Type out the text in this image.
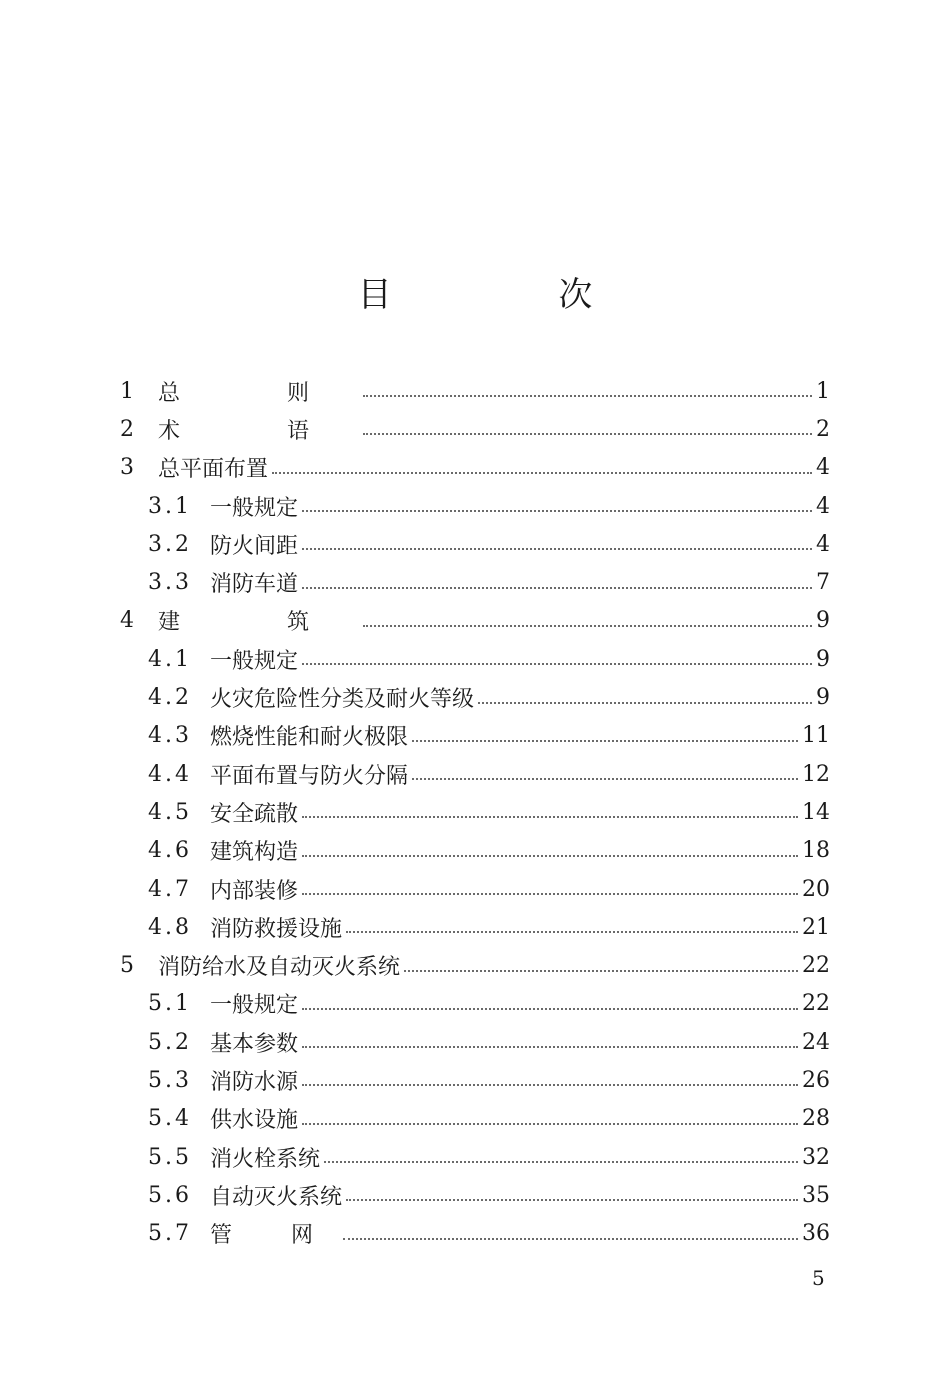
目 次
1	总 则	1
2	术 语	2
3	总平面布置	4
3.1 一般规定	4
3.2 防火间距	4
3.3 消防车道	7
4	建 筑	9
4.1 一般规定	9
4.2 火灾危险性分类及耐火等级	9
4.3 燃烧性能和耐火极限	11
4.4 平面布置与防火分隔	12
4.5 安全疏散	14
4.6 建筑构造	18
4.7 内部装修	20
4.8 消防救援设施	21
5	消防给水及自动灭火系统	22
5.1 一般规定	22
5.2 基本参数	24
5.3 消防水源	26
5.4 供水设施	28
5.5 消火栓系统	32
5.6 自动灭火系统	35
5.7 管 网	36
5
